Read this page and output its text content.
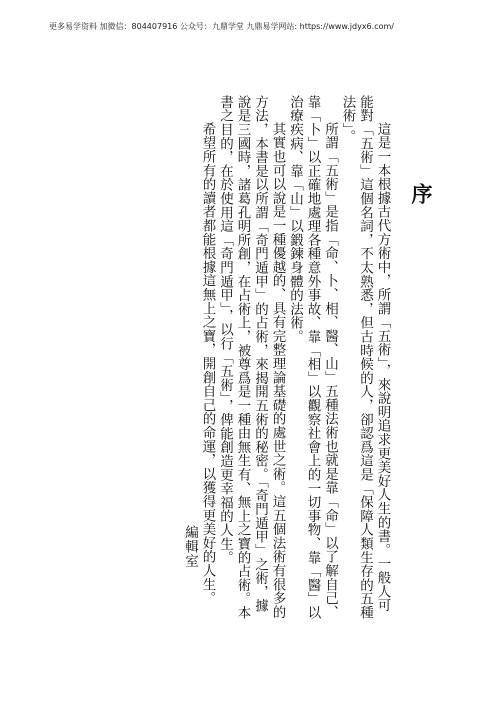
更多易学资料 加微信：804407916 公众号：九鼎学堂 九鼎易学网站: https://www.jdyx6.com/
序
這是一本根據古代方術中，所謂「五術」，來說明追求更美好人生的書。一般人可
能對「五術」這個名詞，不太熟悉，但古時候的人，卻認爲這是「保障人類生存的五種
法術」。
所謂「五術」是指「命、卜、相、醫、山」五種法術也就是靠「命」以了解自己、
靠「卜」以正確地處理各種意外事故、靠「相」以觀察社會上的一切事物、靠「醫」以
治療疾病、靠「山」以鍛鍊身體的法術。
其實也可以說是一種優越的、具有完整理論基礎的處世之術。這五個法術有很多的
方法，本書是以所謂「奇門遁甲」的占術，來揭開五術的秘密。「奇門遁甲」之術，據
說是三國時，諸葛孔明所創，在占術上，被尊爲是一種由無生有、無上之寶的占術。本
書之目的，在於使用這「奇門遁甲」，以行「五術」，俾能創造更幸福的人生。
希望所有的讀者都能根據這無上之寶，開創自己的命運，以獲得更美好的人生。
編輯室
